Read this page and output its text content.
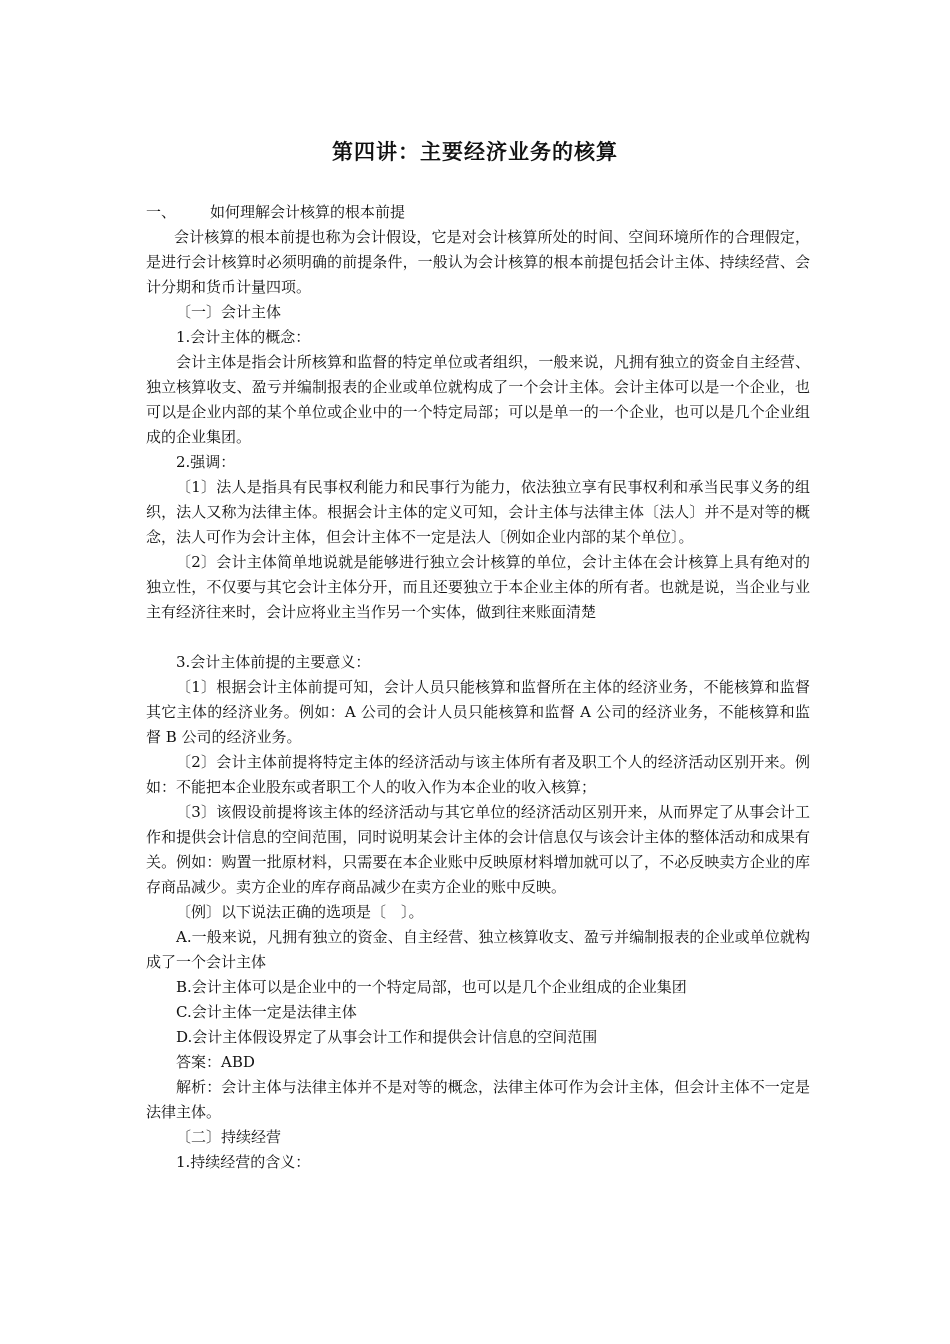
第四讲：主要经济业务的核算

一、	如何理解会计核算的根本前提

会计核算的根本前提也称为会计假设，它是对会计核算所处的时间、空间环境所作的合理假定，是进行会计核算时必须明确的前提条件，一般认为会计核算的根本前提包括会计主体、持续经营、会计分期和货币计量四项。

〔一〕会计主体

1.会计主体的概念：

会计主体是指会计所核算和监督的特定单位或者组织，一般来说，凡拥有独立的资金自主经营、独立核算收支、盈亏并编制报表的企业或单位就构成了一个会计主体。会计主体可以是一个企业，也可以是企业内部的某个单位或企业中的一个特定局部；可以是单一的一个企业，也可以是几个企业组成的企业集团。

2.强调：

〔1〕法人是指具有民事权利能力和民事行为能力，依法独立享有民事权利和承当民事义务的组织，法人又称为法律主体。根据会计主体的定义可知，会计主体与法律主体〔法人〕并不是对等的概念，法人可作为会计主体，但会计主体不一定是法人〔例如企业内部的某个单位〕。

〔2〕会计主体简单地说就是能够进行独立会计核算的单位，会计主体在会计核算上具有绝对的独立性，不仅要与其它会计主体分开，而且还要独立于本企业主体的所有者。也就是说，当企业与业主有经济往来时，会计应将业主当作另一个实体，做到往来账面清楚

3.会计主体前提的主要意义：

〔1〕根据会计主体前提可知，会计人员只能核算和监督所在主体的经济业务，不能核算和监督其它主体的经济业务。例如：A 公司的会计人员只能核算和监督 A 公司的经济业务，不能核算和监督 B 公司的经济业务。

〔2〕会计主体前提将特定主体的经济活动与该主体所有者及职工个人的经济活动区别开来。例如：不能把本企业股东或者职工个人的收入作为本企业的收入核算；

〔3〕该假设前提将该主体的经济活动与其它单位的经济活动区别开来，从而界定了从事会计工作和提供会计信息的空间范围，同时说明某会计主体的会计信息仅与该会计主体的整体活动和成果有关。例如：购置一批原材料，只需要在本企业账中反映原材料增加就可以了，不必反映卖方企业的库存商品减少。卖方企业的库存商品减少在卖方企业的账中反映。

〔例〕以下说法正确的选项是〔　〕。

A.一般来说，凡拥有独立的资金、自主经营、独立核算收支、盈亏并编制报表的企业或单位就构成了一个会计主体

B.会计主体可以是企业中的一个特定局部，也可以是几个企业组成的企业集团

C.会计主体一定是法律主体

D.会计主体假设界定了从事会计工作和提供会计信息的空间范围

答案：ABD

解析：会计主体与法律主体并不是对等的概念，法律主体可作为会计主体，但会计主体不一定是法律主体。

〔二〕持续经营

1.持续经营的含义：
